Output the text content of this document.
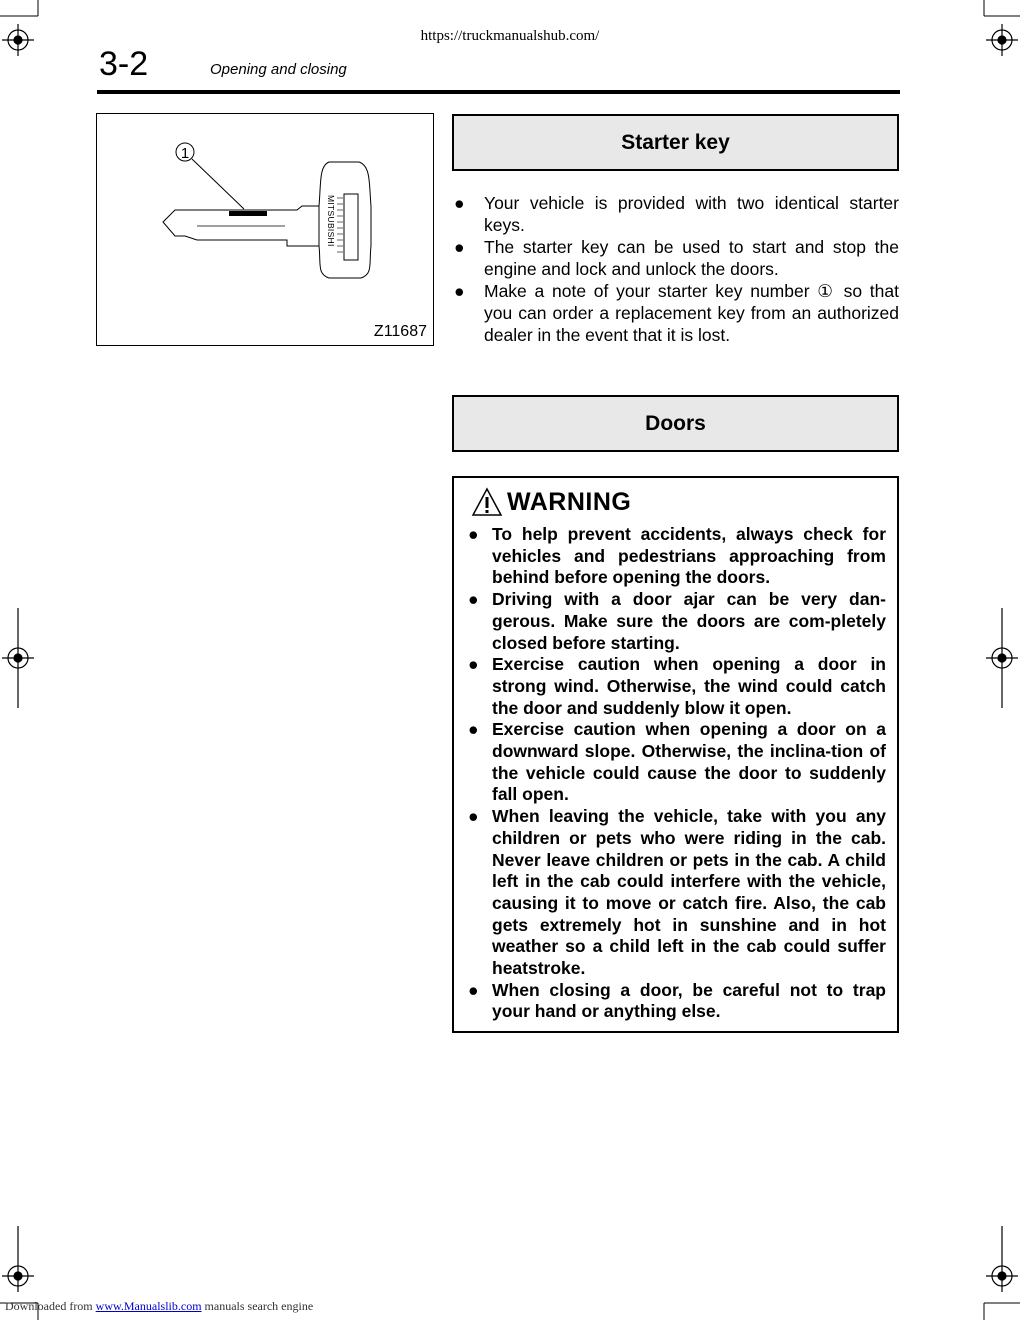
https://truckmanualshub.com/
3-2	Opening and closing
1
MITSUBISHI
Z11687
Starter key
● Your vehicle is provided with two identical starter keys.
● The starter key can be used to start and stop the engine and lock and unlock the doors.
● Make a note of your starter key number ① so that you can order a replacement key from an authorized dealer in the event that it is lost.
Doors
WARNING
● To help prevent accidents, always check for vehicles and pedestrians approaching from behind before opening the doors.
● Driving with a door ajar can be very dan-gerous. Make sure the doors are com-pletely closed before starting.
● Exercise caution when opening a door in strong wind. Otherwise, the wind could catch the door and suddenly blow it open.
● Exercise caution when opening a door on a downward slope. Otherwise, the inclina-tion of the vehicle could cause the door to suddenly fall open.
● When leaving the vehicle, take with you any children or pets who were riding in the cab. Never leave children or pets in the cab. A child left in the cab could interfere with the vehicle, causing it to move or catch fire. Also, the cab gets extremely hot in sunshine and in hot weather so a child left in the cab could suffer heatstroke.
● When closing a door, be careful not to trap your hand or anything else.
Downloaded from www.Manualslib.com manuals search engine
